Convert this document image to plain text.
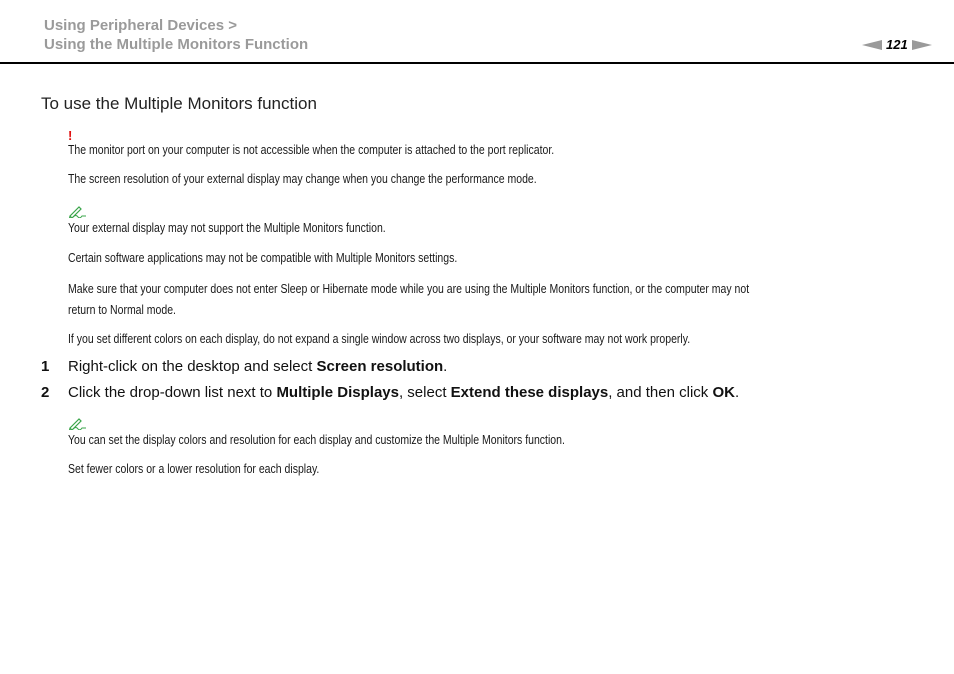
Using Peripheral Devices >
Using the Multiple Monitors Function	121
To use the Multiple Monitors function
!

The monitor port on your computer is not accessible when the computer is attached to the port replicator.

The screen resolution of your external display may change when you change the performance mode.

Your external display may not support the Multiple Monitors function.

Certain software applications may not be compatible with Multiple Monitors settings.

Make sure that your computer does not enter Sleep or Hibernate mode while you are using the Multiple Monitors function, or the computer may not

return to Normal mode.

If you set different colors on each display, do not expand a single window across two displays, or your software may not work properly.

1 Right-click on the desktop and select Screen resolution.
2 Click the drop-down list next to Multiple Displays, select Extend these displays, and then click OK.

You can set the display colors and resolution for each display and customize the Multiple Monitors function.

Set fewer colors or a lower resolution for each display.
